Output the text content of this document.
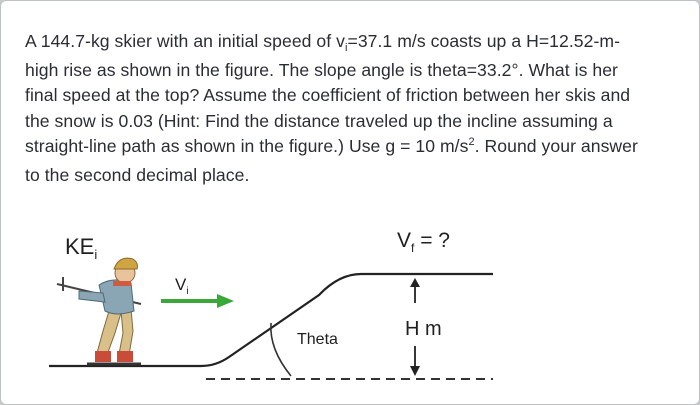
A 144.7-kg skier with an initial speed of $v_i=37.1$ m/s coasts up a H=12.52-m-
high rise as shown in the figure. The slope angle is theta=33.2°. What is her
final speed at the top? Assume the coefficient of friction between her skis and
the snow is 0.03 (Hint: Find the distance traveled up the incline assuming a
straight-line path as shown in the figure.) Use g = 10 $m/s^2$. Round your answer
to the second decimal place.
Theta	H m
$V_f$ = ?
$KE_i$
$V_i$
